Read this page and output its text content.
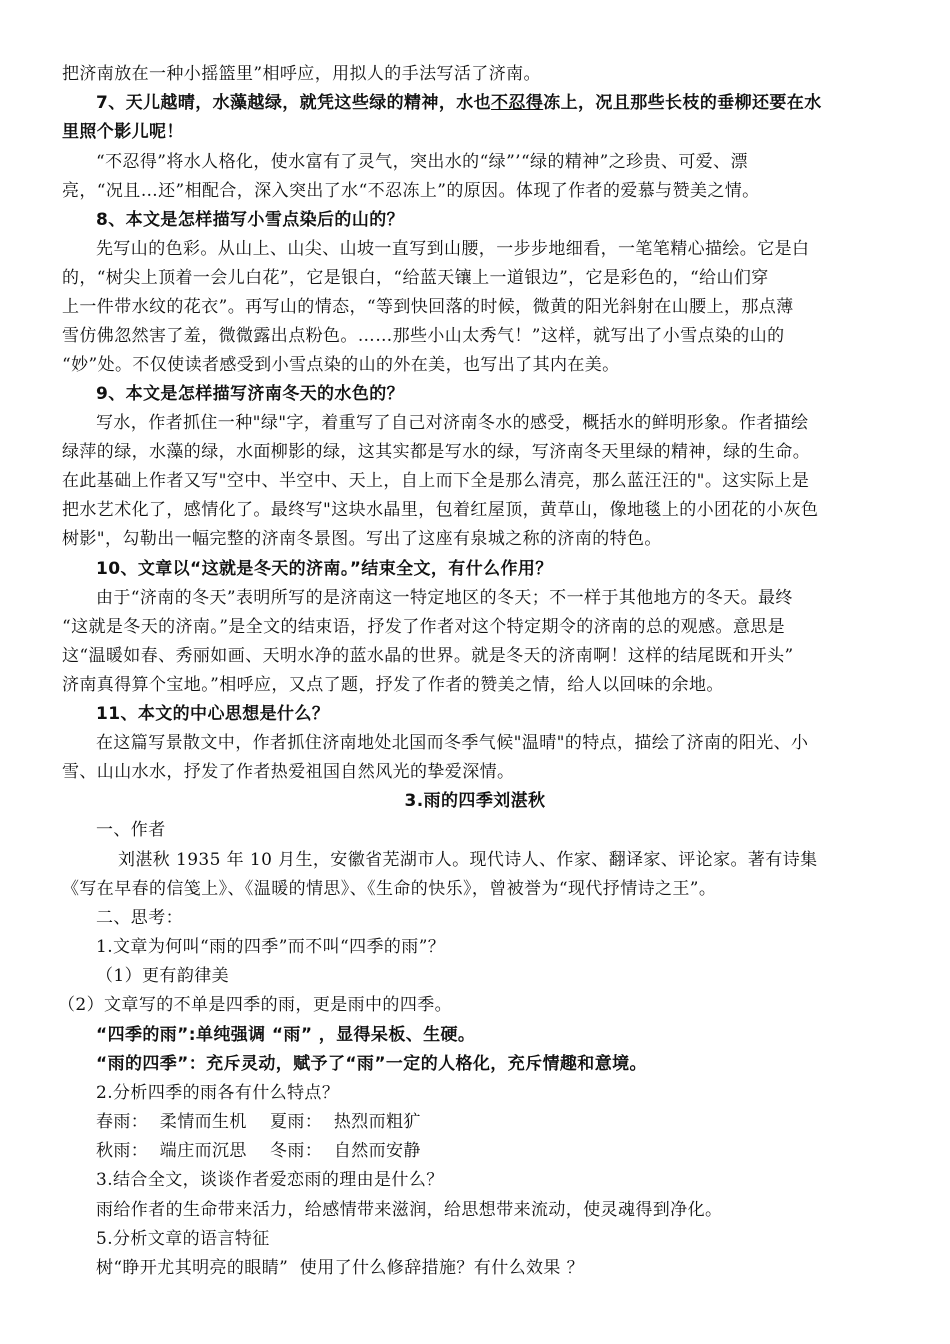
把济南放在一种小摇篮里”相呼应，用拟人的手法写活了济南。

7、天儿越晴，水藻越绿，就凭这些绿的精神，水也不忍得冻上，况且那些长枝的垂柳还要在水

里照个影儿呢！

“不忍得”将水人格化，使水富有了灵气，突出水的“绿”’“绿的精神”之珍贵、可爱、漂

亮，“况且…还”相配合，深入突出了水“不忍冻上”的原因。体现了作者的爱慕与赞美之情。

8、本文是怎样描写小雪点染后的山的？

先写山的色彩。从山上、山尖、山坡一直写到山腰，一步步地细看，一笔笔精心描绘。它是白

的，“树尖上顶着一会儿白花”，它是银白，“给蓝天镶上一道银边”，它是彩色的，“给山们穿

上一件带水纹的花衣”。再写山的情态，“等到快回落的时候，微黄的阳光斜射在山腰上，那点薄

雪仿佛忽然害了羞，微微露出点粉色。……那些小山太秀气！”这样，就写出了小雪点染的山的

“妙”处。不仅使读者感受到小雪点染的山的外在美，也写出了其内在美。

9、本文是怎样描写济南冬天的水色的？

写水，作者抓住一种"绿"字，着重写了自己对济南冬水的感受，概括水的鲜明形象。作者描绘

绿萍的绿，水藻的绿，水面柳影的绿，这其实都是写水的绿，写济南冬天里绿的精神，绿的生命。

在此基础上作者又写"空中、半空中、天上，自上而下全是那么清亮，那么蓝汪汪的"。这实际上是

把水艺术化了，感情化了。最终写"这块水晶里，包着红屋顶，黄草山，像地毯上的小团花的小灰色

树影"，勾勒出一幅完整的济南冬景图。写出了这座有泉城之称的济南的特色。

10、文章以“这就是冬天的济南。”结束全文，有什么作用？

由于“济南的冬天”表明所写的是济南这一特定地区的冬天；不一样于其他地方的冬天。最终

“这就是冬天的济南。”是全文的结束语，抒发了作者对这个特定期令的济南的总的观感。意思是

这“温暖如春、秀丽如画、天明水净的蓝水晶的世界。就是冬天的济南啊！这样的结尾既和开头”

济南真得算个宝地。”相呼应，又点了题，抒发了作者的赞美之情，给人以回味的余地。

11、本文的中心思想是什么？

在这篇写景散文中，作者抓住济南地处北国而冬季气候"温晴"的特点，描绘了济南的阳光、小

雪、山山水水，抒发了作者热爱祖国自然风光的挚爱深情。

3.雨的四季刘湛秋

一、作者

刘湛秋 1935 年 10 月生，安徽省芜湖市人。现代诗人、作家、翻译家、评论家。著有诗集

《写在早春的信笺上》、《温暖的情思》、《生命的快乐》，曾被誉为“现代抒情诗之王”。

二、思考：

1.文章为何叫“雨的四季”而不叫“四季的雨”？

（1）更有韵律美

（2）文章写的不单是四季的雨，更是雨中的四季。

“四季的雨”:单纯强调 “雨” ，显得呆板、生硬。

“雨的四季”：充斥灵动，赋予了“雨”一定的人格化，充斥情趣和意境。

2.分析四季的雨各有什么特点？

春雨：  柔情而生机    夏雨：  热烈而粗犷

秋雨：  端庄而沉思    冬雨：  自然而安静

3.结合全文，谈谈作者爱恋雨的理由是什么？

雨给作者的生命带来活力，给感情带来滋润，给思想带来流动，使灵魂得到净化。

5.分析文章的语言特征

树“睁开尤其明亮的眼睛”  使用了什么修辞措施？有什么效果 ？
